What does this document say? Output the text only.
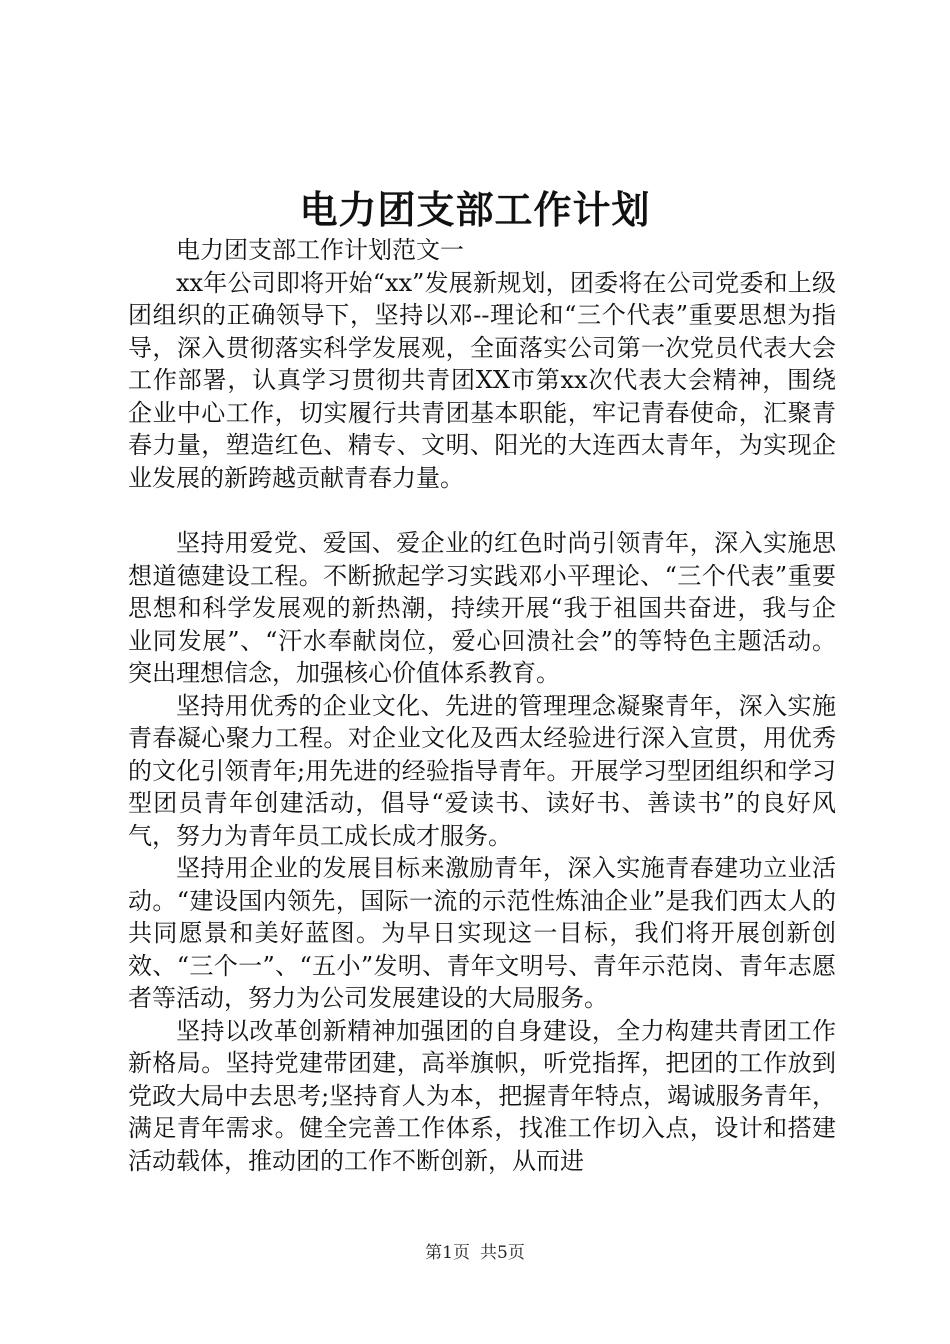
电力团支部工作计划

电力团支部工作计划范文一

xx年公司即将开始“xx”发展新规划，团委将在公司党委和上级团组织的正确领导下，坚持以邓--理论和“三个代表”重要思想为指导，深入贯彻落实科学发展观，全面落实公司第一次党员代表大会工作部署，认真学习贯彻共青团XX市第xx次代表大会精神，围绕企业中心工作，切实履行共青团基本职能，牢记青春使命，汇聚青春力量，塑造红色、精专、文明、阳光的大连西太青年，为实现企业发展的新跨越贡献青春力量。

坚持用爱党、爱国、爱企业的红色时尚引领青年，深入实施思想道德建设工程。不断掀起学习实践邓小平理论、“三个代表”重要思想和科学发展观的新热潮，持续开展“我于祖国共奋进，我与企业同发展”、“汗水奉献岗位，爱心回溃社会”的等特色主题活动。突出理想信念，加强核心价值体系教育。

坚持用优秀的企业文化、先进的管理理念凝聚青年，深入实施青春凝心聚力工程。对企业文化及西太经验进行深入宣贯，用优秀的文化引领青年;用先进的经验指导青年。开展学习型团组织和学习型团员青年创建活动，倡导“爱读书、读好书、善读书”的良好风气，努力为青年员工成长成才服务。

坚持用企业的发展目标来激励青年，深入实施青春建功立业活动。“建设国内领先，国际一流的示范性炼油企业”是我们西太人的共同愿景和美好蓝图。为早日实现这一目标，我们将开展创新创效、“三个一”、“五小”发明、青年文明号、青年示范岗、青年志愿者等活动，努力为公司发展建设的大局服务。

坚持以改革创新精神加强团的自身建设，全力构建共青团工作新格局。坚持党建带团建，高举旗帜，听党指挥，把团的工作放到党政大局中去思考;坚持育人为本，把握青年特点，竭诚服务青年，满足青年需求。健全完善工作体系，找准工作切入点，设计和搭建活动载体，推动团的工作不断创新，从而进

第1页 共5页
